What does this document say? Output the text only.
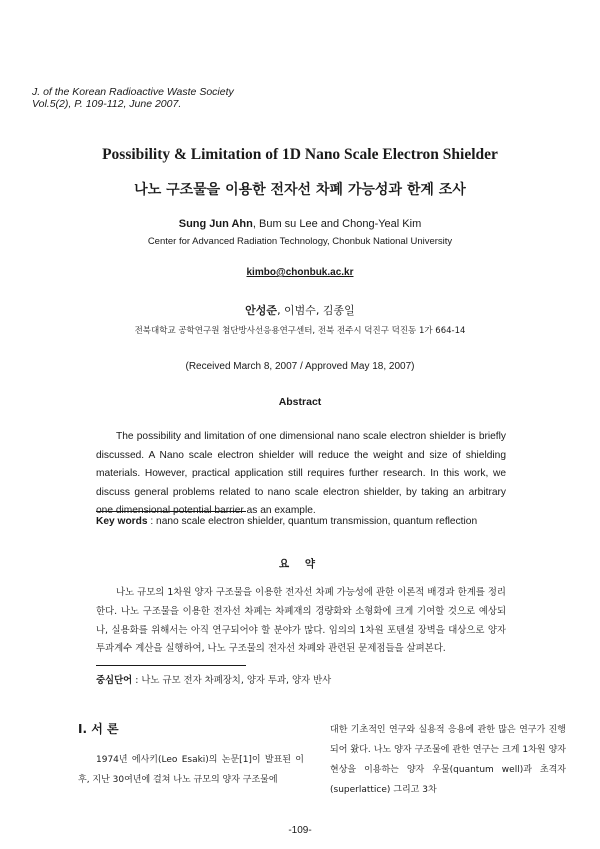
J. of the Korean Radioactive Waste Society
Vol.5(2), P. 109-112, June 2007.
Possibility & Limitation of 1D Nano Scale Electron Shielder
나노 구조물을 이용한 전자선 차폐 가능성과 한계 조사
Sung Jun Ahn, Bum su Lee and Chong-Yeal Kim
Center for Advanced Radiation Technology, Chonbuk National University
kimbo@chonbuk.ac.kr
안성준, 이범수, 김종일
전북대학교 공학연구원 첨단방사선응용연구센터, 전북 전주시 덕진구 덕진동 1가 664-14
(Received March 8, 2007 / Approved May 18, 2007)
Abstract

The possibility and limitation of one dimensional nano scale electron shielder is briefly discussed. A Nano scale electron shielder will reduce the weight and size of shielding materials. However, practical application still requires further research. In this work, we discuss general problems related to nano scale electron shielder, by taking an arbitrary one dimensional potential barrier as an example.

Key words : nano scale electron shielder, quantum transmission, quantum reflection
요 약

나노 규모의 1차원 양자 구조물을 이용한 전자선 차폐 가능성에 관한 이론적 배경과 한계를 정리한다. 나노 구조물을 이용한 전자선 차폐는 차폐재의 경량화와 소형화에 크게 기여할 것으로 예상되나, 실용화를 위해서는 아직 연구되어야 할 분야가 많다. 임의의 1차원 포텐셜 장벽을 대상으로 양자투과계수 계산을 실행하여, 나노 구조물의 전자선 차폐와 관련된 문제점들을 살펴본다.

중심단어 : 나노 규모 전자 차폐장치, 양자 투과, 양자 반사
Ⅰ. 서 론

1974년 에사키(Leo Esaki)의 논문[1]이 발표된 이후, 지난 30여년에 걸쳐 나노 규모의 양자 구조물에

대한 기초적인 연구와 실용적 응용에 관한 많은 연구가 진행되어 왔다. 나노 양자 구조물에 관한 연구는 크게 1차원 양자 현상을 이용하는 양자 우물(quantum well)과 초격자(superlattice) 그리고 3차

-109-
